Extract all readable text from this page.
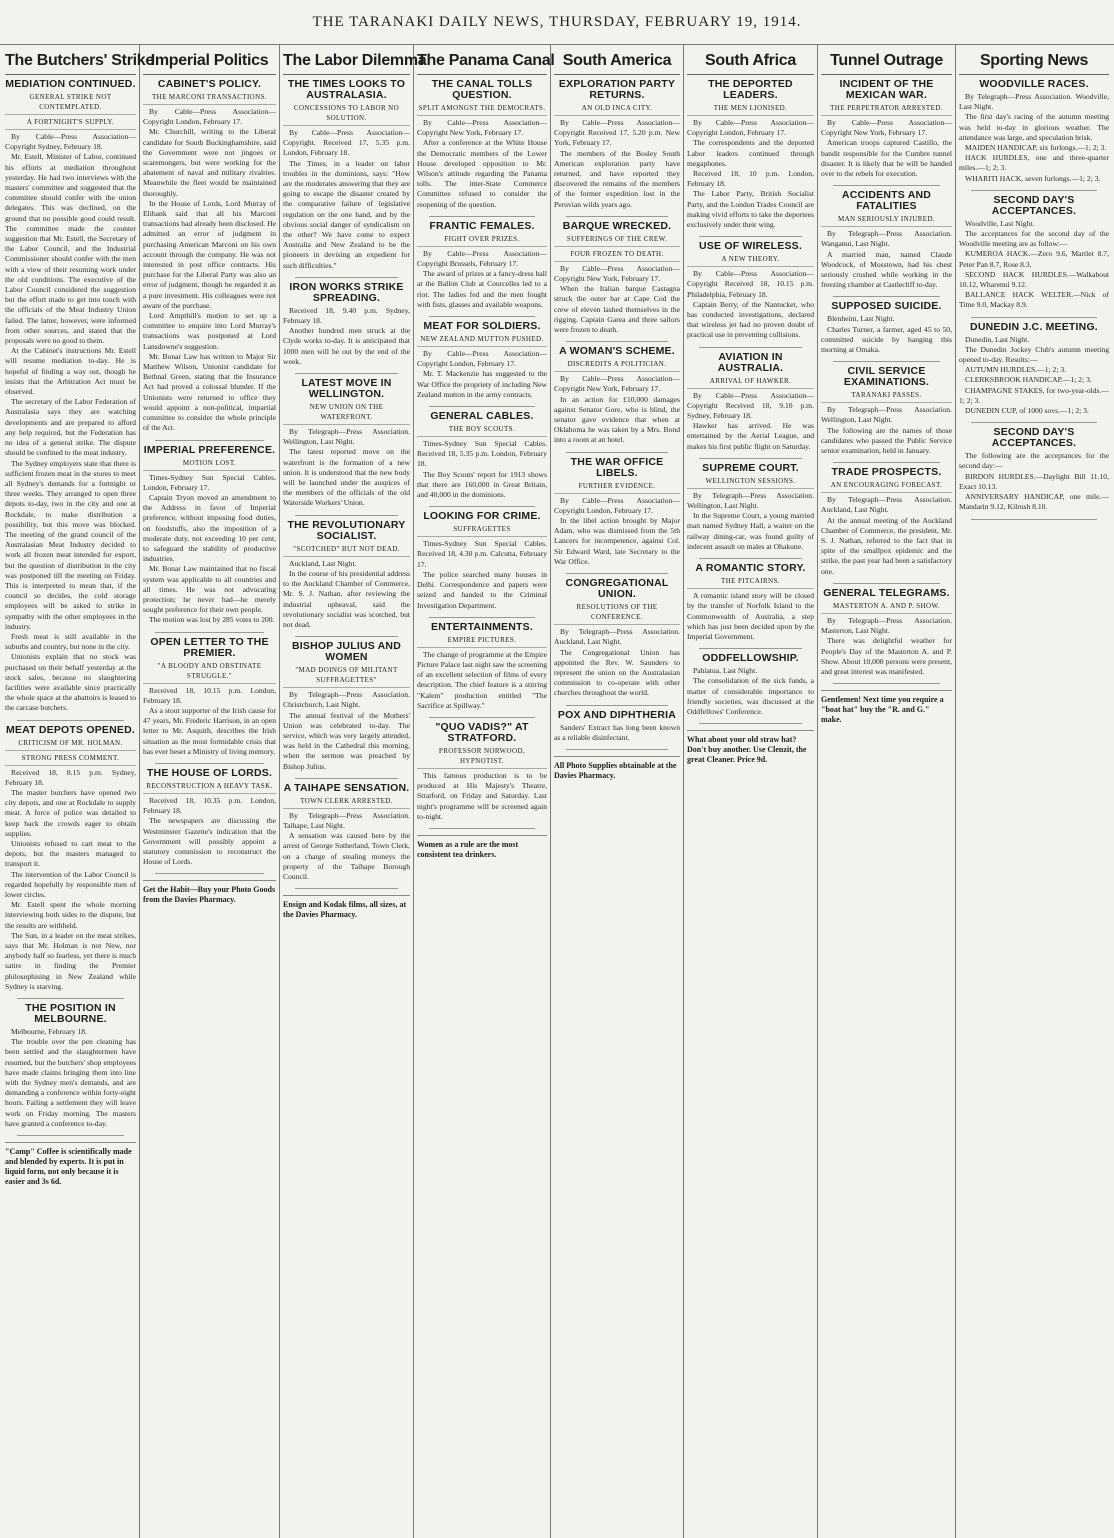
THE TARANAKI DAILY NEWS, THURSDAY, FEBRUARY 19, 1914.
The Butchers' Strike
MEDIATION CONTINUED.
GENERAL STRIKE NOT CONTEMPLATED.
A FORTNIGHT'S SUPPLY.

By Cable—Press Association—Copyright Sydney, February 18.

Mr. Estell, Minister of Labor, continued his efforts at mediation throughout yesterday. He had two interviews with the masters' committee and suggested that the committee should confer with the union delegates. This was declined, on the ground that no possible good could result. The committee made the counter suggestion that Mr. Estell, the Secretary of the Labor Council, and the Industrial Commissioner should confer with the men with a view of their resuming work under the old conditions. The executive of the Labor Council considered the suggestion but the effort made to get into touch with the officials of the Meat Industry Union failed. The latter, however, were informed from other sources, and stated that the proposals were no good to them.

At the Cabinet's instructions Mr. Estell will resume mediation to-day. He is hopeful of finding a way out, though he insists that the Arbitration Act must be observed.

The secretary of the Labor Federation of Australasia says they are watching developments and are prepared to afford any help required, but the Federation has no idea of a general strike. The dispute should be confined to the meat industry.

The Sydney employers state that there is sufficient frozen meat in the stores to meet all Sydney's demands for a fortnight or three weeks. They arranged to open three depots to-day, two in the city and one at Rockdale, to make distribution a possibility, but this move was blocked. The meeting of the grand council of the Australasian Meat Industry decided to work all frozen meat intended for export, but the question of distribution in the city was postponed till the meeting on Friday. This is interpreted to mean that, if the council so decides, the cold storage employees will be asked to strike in sympathy with the other employees in the industry.

Fresh meat is still available in the suburbs and country, but none in the city.

Unionists explain that no stock was purchased on their behalf yesterday at the stock sales, because no slaughtering facilities were available since practically the whole space at the abattoirs is leased to the carcase butchers.

MEAT DEPOTS OPENED.
CRITICISM OF MR. HOLMAN.
STRONG PRESS COMMENT.

Received 18, 8.15 p.m. Sydney, February 18.

The master butchers have opened two city depots, and one at Rockdale to supply meat. A force of police was detailed to keep back the crowds eager to obtain supplies.

Unionists refused to cart meat to the depots, but the masters managed to transport it.

The intervention of the Labor Council is regarded hopefully by responsible men of lower circles.

Mr. Estell spent the whole morning interviewing both sides to the dispute, but the results are withheld.

The Sun, in a leader on the meat strikes, says that Mr. Holman is not New, nor anybody half so fearless, yet there is much satire in finding the Premier philosophising in New Zealand while Sydney is starving.

THE POSITION IN MELBOURNE.

Melbourne, February 18.

The trouble over the pen cleaning has been settled and the slaughtermen have resumed, but the butchers' shop employees have made claims bringing them into line with the Sydney men's demands, and are demanding a conference within forty-eight hours. Failing a settlement they will leave work on Friday morning. The masters have granted a conference to-day.

"Camp" Coffee is scientifically made and blended by experts. It is put in liquid form, not only because it is easier and 3s 6d.
Imperial Politics
CABINET'S POLICY.
THE MARCONI TRANSACTIONS.

By Cable—Press Association—Copyright London, February 17.

Mr. Churchill, writing to the Liberal candidate for South Buckinghamshire, said the Government were not jingoes or scaremongers, but were working for the abatement of naval and military rivalries. Meanwhile the fleet would be maintained thoroughly.

In the House of Lords, Lord Murray of Elibank said that all his Marconi transactions had already been disclosed. He admitted an error of judgment in purchasing American Marconi on his own account through the company. He was not interested in post office contracts. His purchase for the Liberal Party was also an error of judgment, though he regarded it as a pure investment. His colleagues were not aware of the purchase.

Lord Ampthill's motion to set up a committee to enquire into Lord Murray's transactions was postponed at Lord Lansdowne's suggestion.

Mr. Bonar Law has written to Major Sir Matthew Wilson, Unionist candidate for Bethnal Green, stating that the Insurance Act had proved a colossal blunder. If the Unionists were returned to office they would appoint a non-political, impartial committee to consider the whole principle of the Act.

IMPERIAL PREFERENCE.
MOTION LOST.

Times-Sydney Sun Special Cables. London, February 17.

Captain Tryon moved an amendment to the Address in favor of Imperial preference, without imposing food duties, on foodstuffs, also the imposition of a moderate duty, not exceeding 10 per cent, to safeguard the stability of productive industries.

Mr. Bonar Law maintained that no fiscal system was applicable to all countries and all times. He was not advocating protection; he never had—he merely sought preference for their own people.

The motion was lost by 285 votes to 200.

OPEN LETTER TO THE PREMIER.
"A BLOODY AND OBSTINATE STRUGGLE."

Received 18, 10.15 p.m. London, February 18.

As a stout supporter of the Irish cause for 47 years, Mr. Frederic Harrison, in an open letter to Mr. Asquith, describes the Irish situation as the most formidable crisis that has ever beset a Ministry of living memory.

THE HOUSE OF LORDS.
RECONSTRUCTION A HEAVY TASK.

Received 18, 10.35 p.m. London, February 18.

The newspapers are discussing the Westminster Gazette's indication that the Government will possibly appoint a statutory commission to reconstruct the House of Lords.

Get the Habit—Buy your Photo Goods from the Davies Pharmacy.
The Labor Dilemma
THE TIMES LOOKS TO AUSTRALASIA.
CONCESSIONS TO LABOR NO SOLUTION.

By Cable—Press Association—Copyright. Received 17, 5.35 p.m. London, February 18.

The Times, in a leader on labor troubles in the dominions, says: "How are the moderates answering that they are going to escape the disaster created by the comparative failure of legislative regulation on the one hand, and by the obvious social danger of syndicalism on the other? We have come to expect Australia and New Zealand to be the pioneers in devising an expedient for such difficulties."

IRON WORKS STRIKE SPREADING.

Received 18, 9.40 p.m. Sydney, February 18.

Another hundred men struck at the Clyde works to-day. It is anticipated that 1000 men will be out by the end of the week.

LATEST MOVE IN WELLINGTON.
NEW UNION ON THE WATERFRONT.

By Telegraph—Press Association. Wellington, Last Night.

The latest reported move on the waterfront is the formation of a new union. It is understood that the new body will be launched under the auspices of the members of the officials of the old Waterside Workers' Union.

THE REVOLUTIONARY SOCIALIST.
"SCOTCHED" BUT NOT DEAD.

Auckland, Last Night.

In the course of his presidential address to the Auckland Chamber of Commerce, Mr. S. J. Nathan, after reviewing the industrial upheaval, said the revolutionary socialist was scotched, but not dead.

BISHOP JULIUS AND WOMEN
"MAD DOINGS OF MILITANT SUFFRAGETTES"

By Telegraph—Press Association. Christchurch, Last Night.

The annual festival of the Mothers' Union was celebrated to-day. The service, which was very largely attended, was held in the Cathedral this morning, when the sermon was preached by Bishop Julius.

A TAIHAPE SENSATION.
TOWN CLERK ARRESTED.

By Telegraph—Press Association. Taihape, Last Night.

A sensation was caused here by the arrest of George Sutherland, Town Clerk, on a charge of stealing moneys the property of the Taihape Borough Council.

Ensign and Kodak films, all sizes, at the Davies Pharmacy.
The Panama Canal
THE CANAL TOLLS QUESTION.
SPLIT AMONGST THE DEMOCRATS.

By Cable—Press Association—Copyright New York, February 17.

After a conference at the White House the Democratic members of the Lower House developed opposition to Mr. Wilson's attitude regarding the Panama tolls. The inter-State Commerce Committee refused to consider the reopening of the question.

FRANTIC FEMALES.
FIGHT OVER PRIZES.

By Cable—Press Association—Copyright Brussels, February 17.

The award of prizes at a fancy-dress ball at the Ballon Club at Courcelles led to a riot. The ladies fed and the men fought with fists, glasses and available weapons.

MEAT FOR SOLDIERS.
NEW ZEALAND MUTTON PUSHED.

By Cable—Press Association—Copyright London, February 17.

Mr. T. Mackenzie has suggested to the War Office the propriety of including New Zealand mutton in the army contracts.

GENERAL CABLES.
THE BOY SCOUTS.

Times-Sydney Sun Special Cables. Received 18, 5.35 p.m. London, February 18.

The Boy Scouts' report for 1913 shows that there are 160,000 in Great Britain, and 40,000 in the dominions.

LOOKING FOR CRIME.
SUFFRAGETTES

Times-Sydney Sun Special Cables. Received 18, 4.30 p.m. Calcutta, February 17.

The police searched many houses in Delhi. Correspondence and papers were seized and handed to the Criminal Investigation Department.

ENTERTAINMENTS.
EMPIRE PICTURES.

The change of programme at the Empire Picture Palace last night saw the screening of an excellent selection of films of every description. The chief feature is a stirring "Kalem" production entitled "The Sacrifice at Spillway."

"QUO VADIS?" AT STRATFORD.
PROFESSOR NORWOOD, HYPNOTIST.

This famous production is to be produced at His Majesty's Theatre, Stratford, on Friday and Saturday. Last night's programme will be screened again to-night.

Women as a rule are the most consistent tea drinkers.
South America
EXPLORATION PARTY RETURNS.
AN OLD INCA CITY.

By Cable—Press Association—Copyright Received 17, 5.20 p.m. New York, February 17.

The members of the Bosley South American exploration party have returned, and have reported they discovered the remains of the members of the former expedition lost in the Peruvian wilds years ago.

BARQUE WRECKED.
SUFFERINGS OF THE CREW.
FOUR FROZEN TO DEATH.

By Cable—Press Association—Copyright New York, February 17.

When the Italian barque Castagna struck the outer bar at Cape Cod the crew of eleven lashed themselves in the rigging. Captain Garea and three sailors were frozen to death.

A WOMAN'S SCHEME.
DISCREDITS A POLITICIAN.

By Cable—Press Association—Copyright New York, February 17.

In an action for £10,000 damages against Senator Gore, who is blind, the senator gave evidence that when at Oklahoma he was taken by a Mrs. Bond into a room at an hotel.

THE WAR OFFICE LIBELS.
FURTHER EVIDENCE.

By Cable—Press Association—Copyright London, February 17.

In the libel action brought by Major Adam, who was dismissed from the 5th Lancers for incompetence, against Col. Sir Edward Ward, late Secretary to the War Office.

CONGREGATIONAL UNION.
RESOLUTIONS OF THE CONFERENCE.

By Telegraph—Press Association. Auckland, Last Night.

The Congregational Union has appointed the Rev. W. Saunders to represent the union on the Australasian commission to co-operate with other churches throughout the world.

POX AND DIPHTHERIA

Sanders' Extract has long been known as a reliable disinfectant.

All Photo Supplies obtainable at the Davies Pharmacy.
South Africa
THE DEPORTED LEADERS.
THE MEN LIONISED.

By Cable—Press Association—Copyright London, February 17.

The correspondents and the deported Labor leaders continued through megaphones.

Received 18, 10 p.m. London, February 18.

The Labor Party, British Socialist Party, and the London Trades Council are making vivid efforts to take the deportees exclusively under their wing.

USE OF WIRELESS.
A NEW THEORY.

By Cable—Press Association—Copyright Received 18, 10.15 p.m. Philadelphia, February 18.

Captain Berry, of the Nantucket, who has conducted investigations, declared that wireless jet had no proven doubt of practical use in preventing collisions.

AVIATION IN AUSTRALIA.
ARRIVAL OF HAWKER.

By Cable—Press Association—Copyright Received 18, 9.10 p.m. Sydney, February 18.

Hawker has arrived. He was entertained by the Aerial League, and makes his first public flight on Saturday.

SUPREME COURT.
WELLINGTON SESSIONS.

By Telegraph—Press Association. Wellington, Last Night.

In the Supreme Court, a young married man named Sydney Hall, a waiter on the railway dining-car, was found guilty of indecent assault on males at Ohakune.

A ROMANTIC STORY.
THE PITCAIRNS.

A romantic island story will be closed by the transfer of Norfolk Island to the Commonwealth of Australia, a step which has just been decided upon by the Imperial Government.

ODDFELLOWSHIP.

Pahiatua, Last Night.

The consolidation of the sick funds, a matter of considerable importance to friendly societies, was discussed at the Oddfellows' Conference.

What about your old straw hat? Don't buy another. Use Clenzit, the great Cleaner. Price 9d.
Tunnel Outrage
INCIDENT OF THE MEXICAN WAR.
THE PERPETRATOR ARRESTED.

By Cable—Press Association—Copyright New York, February 17.

American troops captured Castillo, the bandit responsible for the Cumbre tunnel disaster. It is likely that he will be handed over to the rebels for execution.

ACCIDENTS AND FATALITIES
MAN SERIOUSLY INJURED.

By Telegraph—Press Association. Wanganui, Last Night.

A married man, named Claude Woodcock, of Mosstown, had his chest seriously crushed while working in the freezing chamber at Castlecliff to-day.

SUPPOSED SUICIDE.

Blenheim, Last Night.

Charles Turner, a farmer, aged 45 to 50, committed suicide by hanging this morning at Omaka.

CIVIL SERVICE EXAMINATIONS.
TARANAKI PASSES.

By Telegraph—Press Association. Wellington, Last Night.

The following are the names of those candidates who passed the Public Service senior examination, held in January.

TRADE PROSPECTS.
AN ENCOURAGING FORECAST.

By Telegraph—Press Association. Auckland, Last Night.

At the annual meeting of the Auckland Chamber of Commerce, the president, Mr. S. J. Nathan, referred to the fact that in spite of the smallpox epidemic and the strike, the past year had been a satisfactory one.

GENERAL TELEGRAMS.
MASTERTON A. AND P. SHOW.

By Telegraph—Press Association. Masterton, Last Night.

There was delightful weather for People's Day of the Masterton A. and P. Show. About 10,000 persons were present, and great interest was manifested.

Gentlemen! Next time you require a "boat hat" buy the "R. and G." make.
Sporting News
WOODVILLE RACES.

By Telegraph—Press Association. Woodville, Last Night.

The first day's racing of the autumn meeting was held to-day in glorious weather. The attendance was large, and speculation brisk.

MAIDEN HANDICAP, six furlongs.—1; 2; 3.

HACK HURDLES, one and three-quarter miles.—1; 2; 3.

WHARITI HACK, seven furlongs.—1; 2; 3.

SECOND DAY'S ACCEPTANCES.

Woodville, Last Night.

The acceptances for the second day of the Woodville meeting are as follow:—

KUMEROA HACK.—Zero 9.6, Martlet 8.7, Peter Pan 8.7, Rose 8.3.

SECOND HACK HURDLES.—Walkabout 10.12, Wharenui 9.12.

BALLANCE HACK WELTER.—Nick of Time 9.0, Mackay 8.9.

DUNEDIN J.C. MEETING.

Dunedin, Last Night.

The Dunedin Jockey Club's autumn meeting opened to-day. Results:—

AUTUMN HURDLES.—1; 2; 3.

CLERKSBROOK HANDICAP.—1; 2; 3.

CHAMPAGNE STAKES, for two-year-olds.—1; 2; 3.

DUNEDIN CUP, of 1000 sovs.—1; 2; 3.

SECOND DAY'S ACCEPTANCES.

The following are the acceptances for the second day:—

BIRDON HURDLES.—Daylight Bill 11.10, Exact 10.13.

ANNIVERSARY HANDICAP, one mile.—Mandarin 9.12, Kilrush 8.10.
